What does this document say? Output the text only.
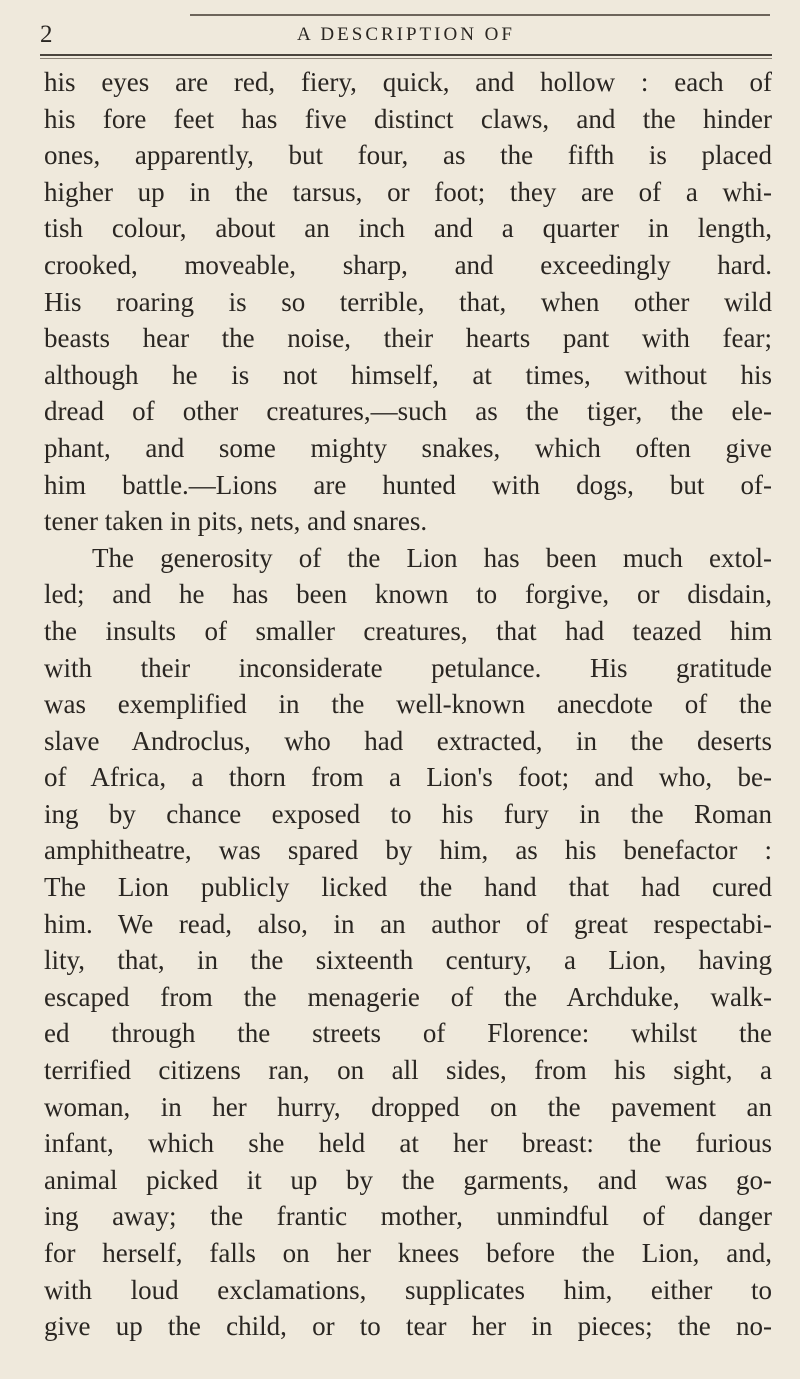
2	A DESCRIPTION OF
his eyes are red, fiery, quick, and hollow : each of
his fore feet has five distinct claws, and the hinder
ones, apparently, but four, as the fifth is placed
higher up in the tarsus, or foot; they are of a whi-
tish colour, about an inch and a quarter in length,
crooked, moveable, sharp, and exceedingly hard.
His roaring is so terrible, that, when other wild
beasts hear the noise, their hearts pant with fear;
although he is not himself, at times, without his
dread of other creatures,—such as the tiger, the ele-
phant, and some mighty snakes, which often give
him battle.—Lions are hunted with dogs, but of-
tener taken in pits, nets, and snares.
The generosity of the Lion has been much extol-
led; and he has been known to forgive, or disdain,
the insults of smaller creatures, that had teazed him
with their inconsiderate petulance. His gratitude
was exemplified in the well-known anecdote of the
slave Androclus, who had extracted, in the deserts
of Africa, a thorn from a Lion's foot; and who, be-
ing by chance exposed to his fury in the Roman
amphitheatre, was spared by him, as his benefactor :
The Lion publicly licked the hand that had cured
him. We read, also, in an author of great respectabi-
lity, that, in the sixteenth century, a Lion, having
escaped from the menagerie of the Archduke, walk-
ed through the streets of Florence: whilst the
terrified citizens ran, on all sides, from his sight, a
woman, in her hurry, dropped on the pavement an
infant, which she held at her breast: the furious
animal picked it up by the garments, and was go-
ing away; the frantic mother, unmindful of danger
for herself, falls on her knees before the Lion, and,
with loud exclamations, supplicates him, either to
give up the child, or to tear her in pieces; the no-
